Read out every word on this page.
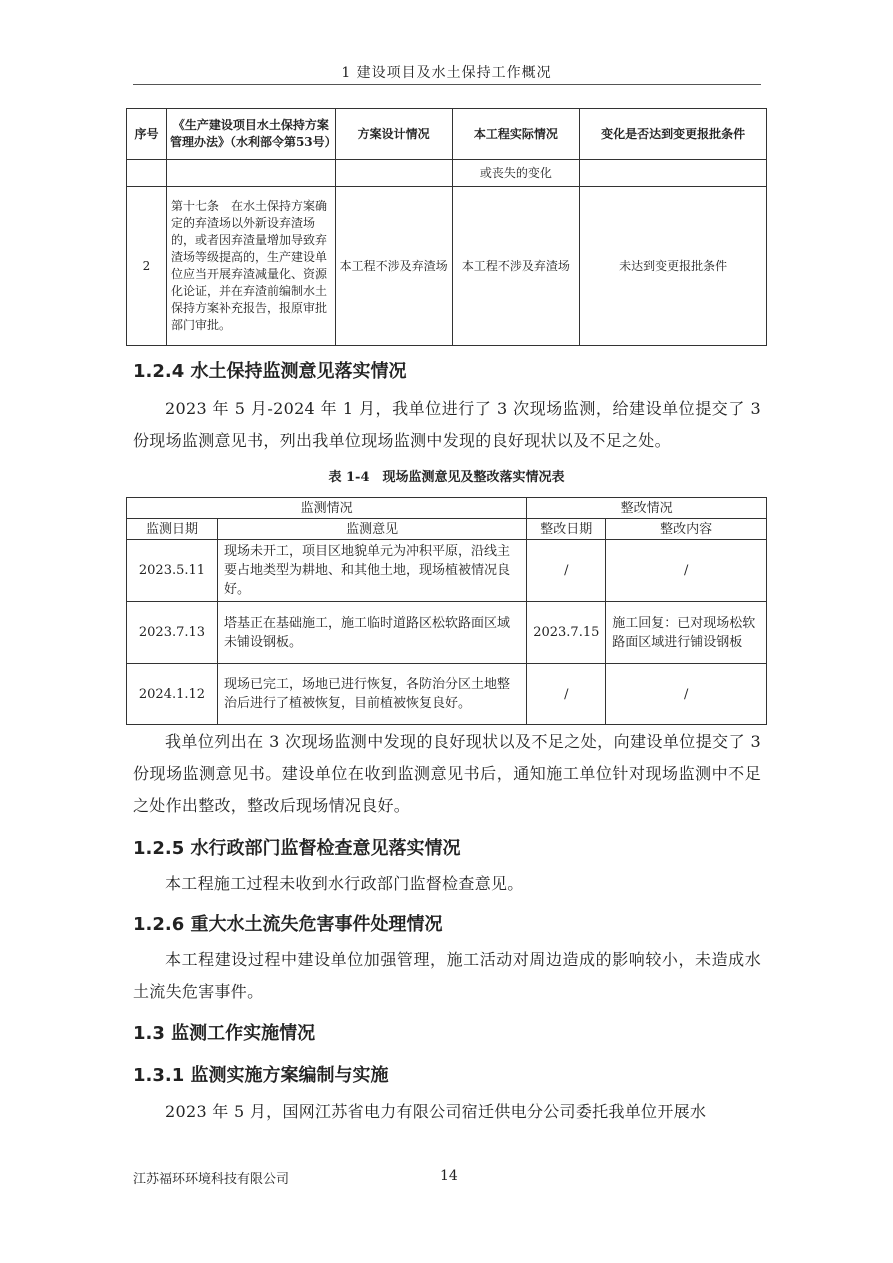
1 建设项目及水土保持工作概况
序号	《生产建设项目水土保持方案管理办法》（水利部令第53号）	方案设计情况	本工程实际情况	变化是否达到变更报批条件
			或丧失的变化	
2	第十七条　在水土保持方案确定的弃渣场以外新设弃渣场的，或者因弃渣量增加导致弃渣场等级提高的，生产建设单位应当开展弃渣减量化、资源化论证，并在弃渣前编制水土保持方案补充报告，报原审批部门审批。	本工程不涉及弃渣场	本工程不涉及弃渣场	未达到变更报批条件
1.2.4 水土保持监测意见落实情况
2023 年 5 月-2024 年 1 月，我单位进行了 3 次现场监测，给建设单位提交了 3 份现场监测意见书，列出我单位现场监测中发现的良好现状以及不足之处。
表 1-4　现场监测意见及整改落实情况表
监测情况		整改情况	
监测日期	监测意见	整改日期	整改内容
2023.5.11	现场未开工，项目区地貌单元为冲积平原，沿线主要占地类型为耕地、和其他土地，现场植被情况良好。	/	/
2023.7.13	塔基正在基础施工，施工临时道路区松软路面区域未铺设钢板。	2023.7.15	施工回复：已对现场松软路面区域进行铺设钢板
2024.1.12	现场已完工，场地已进行恢复，各防治分区土地整治后进行了植被恢复，目前植被恢复良好。	/	/
我单位列出在 3 次现场监测中发现的良好现状以及不足之处，向建设单位提交了 3 份现场监测意见书。建设单位在收到监测意见书后，通知施工单位针对现场监测中不足之处作出整改，整改后现场情况良好。
1.2.5 水行政部门监督检查意见落实情况
本工程施工过程未收到水行政部门监督检查意见。
1.2.6 重大水土流失危害事件处理情况
本工程建设过程中建设单位加强管理，施工活动对周边造成的影响较小，未造成水土流失危害事件。
1.3 监测工作实施情况
1.3.1 监测实施方案编制与实施
2023 年 5 月，国网江苏省电力有限公司宿迁供电分公司委托我单位开展水
江苏福环环境科技有限公司	14
